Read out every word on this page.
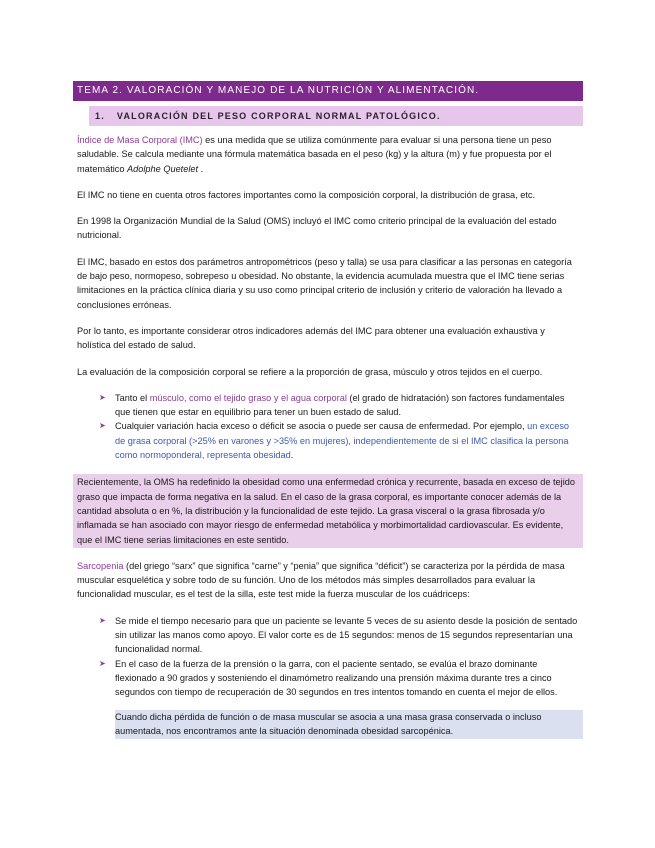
TEMA 2. VALORACIÓN Y MANEJO DE LA NUTRICIÓN Y ALIMENTACIÓN.
1. VALORACIÓN DEL PESO CORPORAL NORMAL PATOLÓGICO.

Índice de Masa Corporal (IMC) es una medida que se utiliza comúnmente para evaluar si una persona tiene un peso saludable. Se calcula mediante una fórmula matemática basada en el peso (kg) y la altura (m) y fue propuesta por el matemático Adolphe Quetelet .

El IMC no tiene en cuenta otros factores importantes como la composición corporal, la distribución de grasa, etc.

En 1998 la Organización Mundial de la Salud (OMS) incluyó el IMC como criterio principal de la evaluación del estado nutricional.

El IMC, basado en estos dos parámetros antropométricos (peso y talla) se usa para clasificar a las personas en categoría de bajo peso, normopeso, sobrepeso u obesidad. No obstante, la evidencia acumulada muestra que el IMC tiene serias limitaciones en la práctica clínica diaria y su uso como principal criterio de inclusión y criterio de valoración ha llevado a conclusiones erróneas.

Por lo tanto, es importante considerar otros indicadores además del IMC para obtener una evaluación exhaustiva y holística del estado de salud.

La evaluación de la composición corporal se refiere a la proporción de grasa, músculo y otros tejidos en el cuerpo.

➤ Tanto el músculo, como el tejido graso y el agua corporal (el grado de hidratación) son factores fundamentales que tienen que estar en equilibrio para tener un buen estado de salud.
➤ Cualquier variación hacia exceso o déficit se asocia o puede ser causa de enfermedad. Por ejemplo, un exceso de grasa corporal (>25% en varones y >35% en mujeres), independientemente de si el IMC clasifica la persona como normoponderal, representa obesidad.

Recientemente, la OMS ha redefinido la obesidad como una enfermedad crónica y recurrente, basada en exceso de tejido graso que impacta de forma negativa en la salud. En el caso de la grasa corporal, es importante conocer además de la cantidad absoluta o en %, la distribución y la funcionalidad de este tejido. La grasa visceral o la grasa fibrosada y/o inflamada se han asociado con mayor riesgo de enfermedad metabólica y morbimortalidad cardiovascular. Es evidente, que el IMC tiene serias limitaciones en este sentido.

Sarcopenia (del griego “sarx” que significa “carne” y “penia” que significa “déficit”) se caracteriza por la pérdida de masa muscular esquelética y sobre todo de su función. Uno de los métodos más simples desarrollados para evaluar la funcionalidad muscular, es el test de la silla, este test mide la fuerza muscular de los cuádriceps:

➤ Se mide el tiempo necesario para que un paciente se levante 5 veces de su asiento desde la posición de sentado sin utilizar las manos como apoyo. El valor corte es de 15 segundos: menos de 15 segundos representarían una funcionalidad normal.
➤ En el caso de la fuerza de la prensión o la garra, con el paciente sentado, se evalúa el brazo dominante flexionado a 90 grados y sosteniendo el dinamómetro realizando una prensión máxima durante tres a cinco segundos con tiempo de recuperación de 30 segundos en tres intentos tomando en cuenta el mejor de ellos.

Cuando dicha pérdida de función o de masa muscular se asocia a una masa grasa conservada o incluso aumentada, nos encontramos ante la situación denominada obesidad sarcopénica.
